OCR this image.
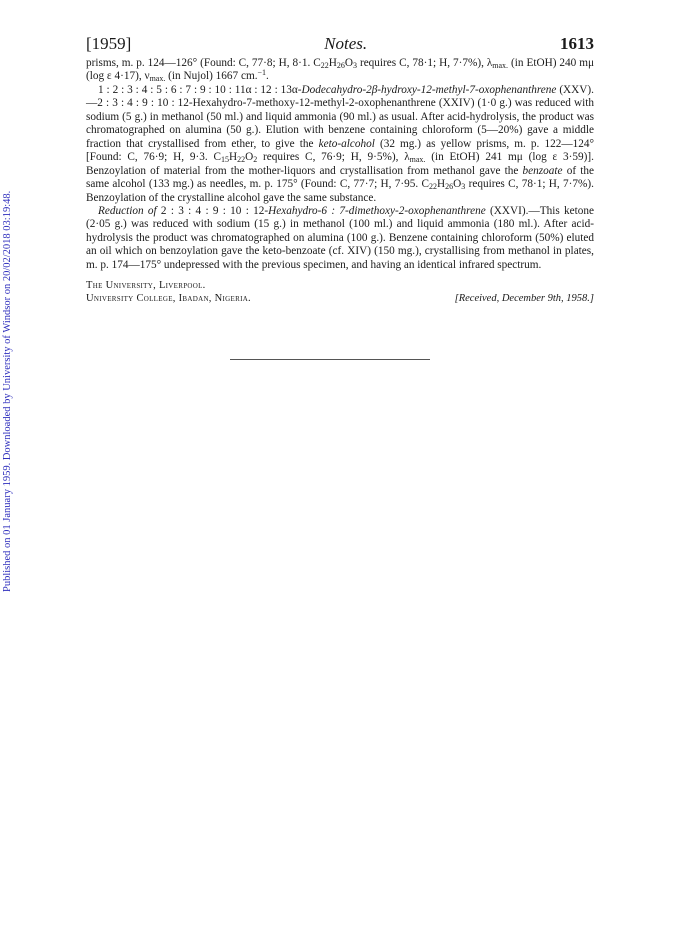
Published on 01 January 1959. Downloaded by University of Windsor on 20/02/2018 03:19:48.
[1959]	Notes.	1613

prisms, m. p. 124—126° (Found: C, 77·8; H, 8·1. $C_{22}H_{26}O_3$ requires C, 78·1; H, 7·7%), $\lambda_{max.}$ (in EtOH) 240 mμ (log ε 4·17), $\nu_{max.}$ (in Nujol) 1667 cm.$^{-1}$.

1 : 2 : 3 : 4 : 5 : 6 : 7 : 9 : 10 : 11α : 12 : 13α-Dodecahydro-2β-hydroxy-12-methyl-7-oxophenanthrene (XXV).—2 : 3 : 4 : 9 : 10 : 12-Hexahydro-7-methoxy-12-methyl-2-oxophenanthrene (XXIV) (1·0 g.) was reduced with sodium (5 g.) in methanol (50 ml.) and liquid ammonia (90 ml.) as usual. After acid-hydrolysis, the product was chromatographed on alumina (50 g.). Elution with benzene containing chloroform (5—20%) gave a middle fraction that crystallised from ether, to give the keto-alcohol (32 mg.) as yellow prisms, m. p. 122—124° [Found: C, 76·9; H, 9·3. $C_{15}H_{22}O_2$ requires C, 76·9; H, 9·5%), $\lambda_{max.}$ (in EtOH) 241 mμ (log ε 3·59)]. Benzoylation of material from the mother-liquors and crystallisation from methanol gave the benzoate of the same alcohol (133 mg.) as needles, m. p. 175° (Found: C, 77·7; H, 7·95. $C_{22}H_{26}O_3$ requires C, 78·1; H, 7·7%). Benzoylation of the crystalline alcohol gave the same substance.

Reduction of 2 : 3 : 4 : 9 : 10 : 12-Hexahydro-6 : 7-dimethoxy-2-oxophenanthrene (XXVI).—This ketone (2·05 g.) was reduced with sodium (15 g.) in methanol (100 ml.) and liquid ammonia (180 ml.). After acid-hydrolysis the product was chromatographed on alumina (100 g.). Benzene containing chloroform (50%) eluted an oil which on benzoylation gave the keto-benzoate (cf. XIV) (150 mg.), crystallising from methanol in plates, m. p. 174—175° undepressed with the previous specimen, and having an identical infrared spectrum.

The University, Liverpool.
University College, Ibadan, Nigeria.	[Received, December 9th, 1958.]
